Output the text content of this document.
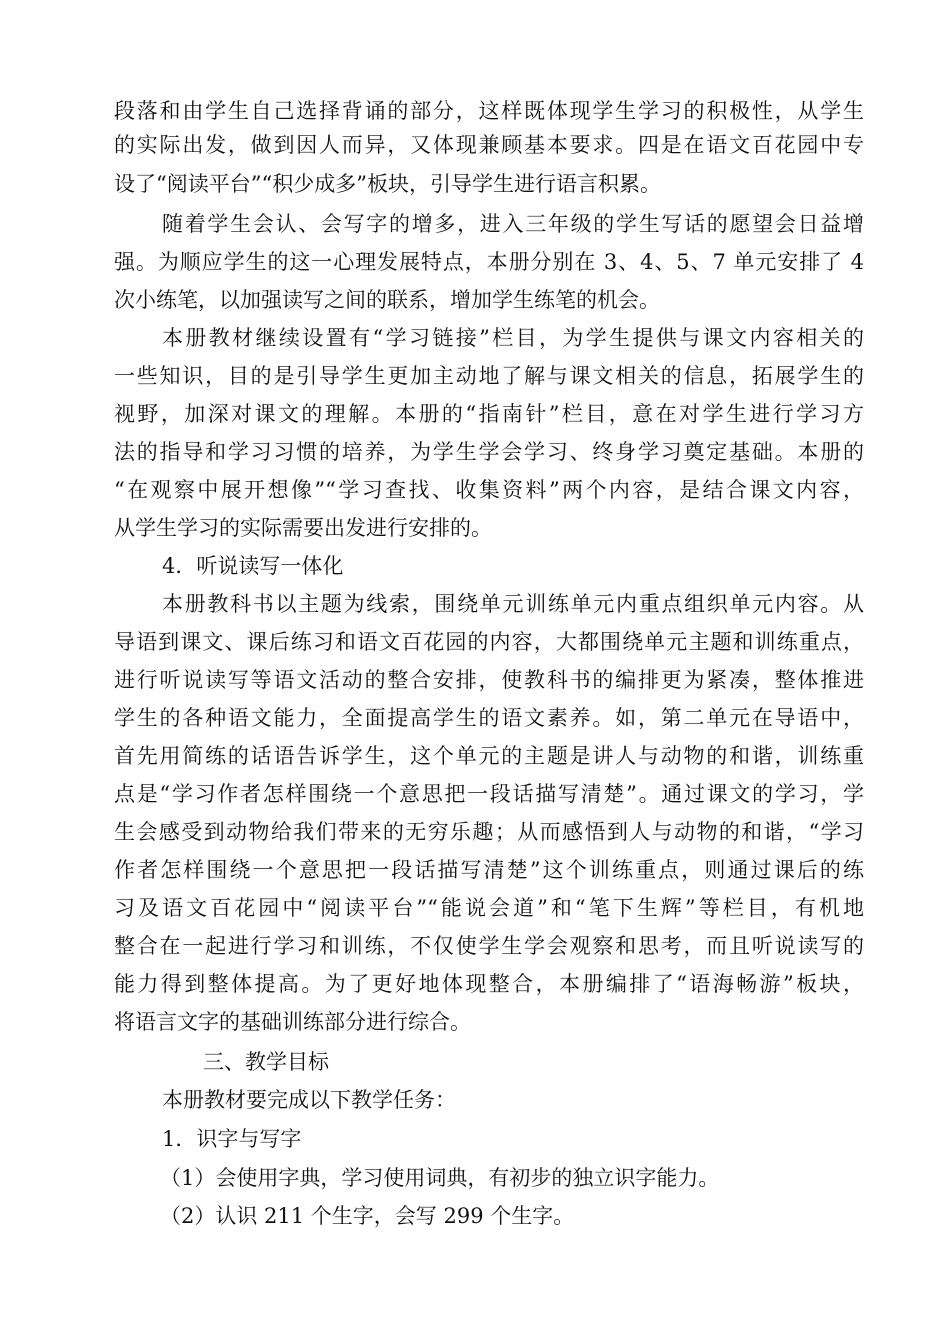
段落和由学生自己选择背诵的部分，这样既体现学生学习的积极性，从学生
的实际出发，做到因人而异，又体现兼顾基本要求。四是在语文百花园中专
设了“阅读平台”“积少成多”板块，引导学生进行语言积累。
随着学生会认、会写字的增多，进入三年级的学生写话的愿望会日益增
强。为顺应学生的这一心理发展特点，本册分别在 3、4、5、7 单元安排了 4
次小练笔，以加强读写之间的联系，增加学生练笔的机会。
本册教材继续设置有“学习链接”栏目，为学生提供与课文内容相关的
一些知识，目的是引导学生更加主动地了解与课文相关的信息，拓展学生的
视野，加深对课文的理解。本册的“指南针”栏目，意在对学生进行学习方
法的指导和学习习惯的培养，为学生学会学习、终身学习奠定基础。本册的
“在观察中展开想像”“学习查找、收集资料”两个内容，是结合课文内容，
从学生学习的实际需要出发进行安排的。
4．听说读写一体化
本册教科书以主题为线索，围绕单元训练单元内重点组织单元内容。从
导语到课文、课后练习和语文百花园的内容，大都围绕单元主题和训练重点，
进行听说读写等语文活动的整合安排，使教科书的编排更为紧凑，整体推进
学生的各种语文能力，全面提高学生的语文素养。如，第二单元在导语中，
首先用简练的话语告诉学生，这个单元的主题是讲人与动物的和谐，训练重
点是“学习作者怎样围绕一个意思把一段话描写清楚”。通过课文的学习，学
生会感受到动物给我们带来的无穷乐趣；从而感悟到人与动物的和谐，“学习
作者怎样围绕一个意思把一段话描写清楚”这个训练重点，则通过课后的练
习及语文百花园中“阅读平台”“能说会道”和“笔下生辉”等栏目，有机地
整合在一起进行学习和训练，不仅使学生学会观察和思考，而且听说读写的
能力得到整体提高。为了更好地体现整合，本册编排了“语海畅游”板块，
将语言文字的基础训练部分进行综合。
三、教学目标
本册教材要完成以下教学任务：
1．识字与写字
（1）会使用字典，学习使用词典，有初步的独立识字能力。
（2）认识 211 个生字，会写 299 个生字。
